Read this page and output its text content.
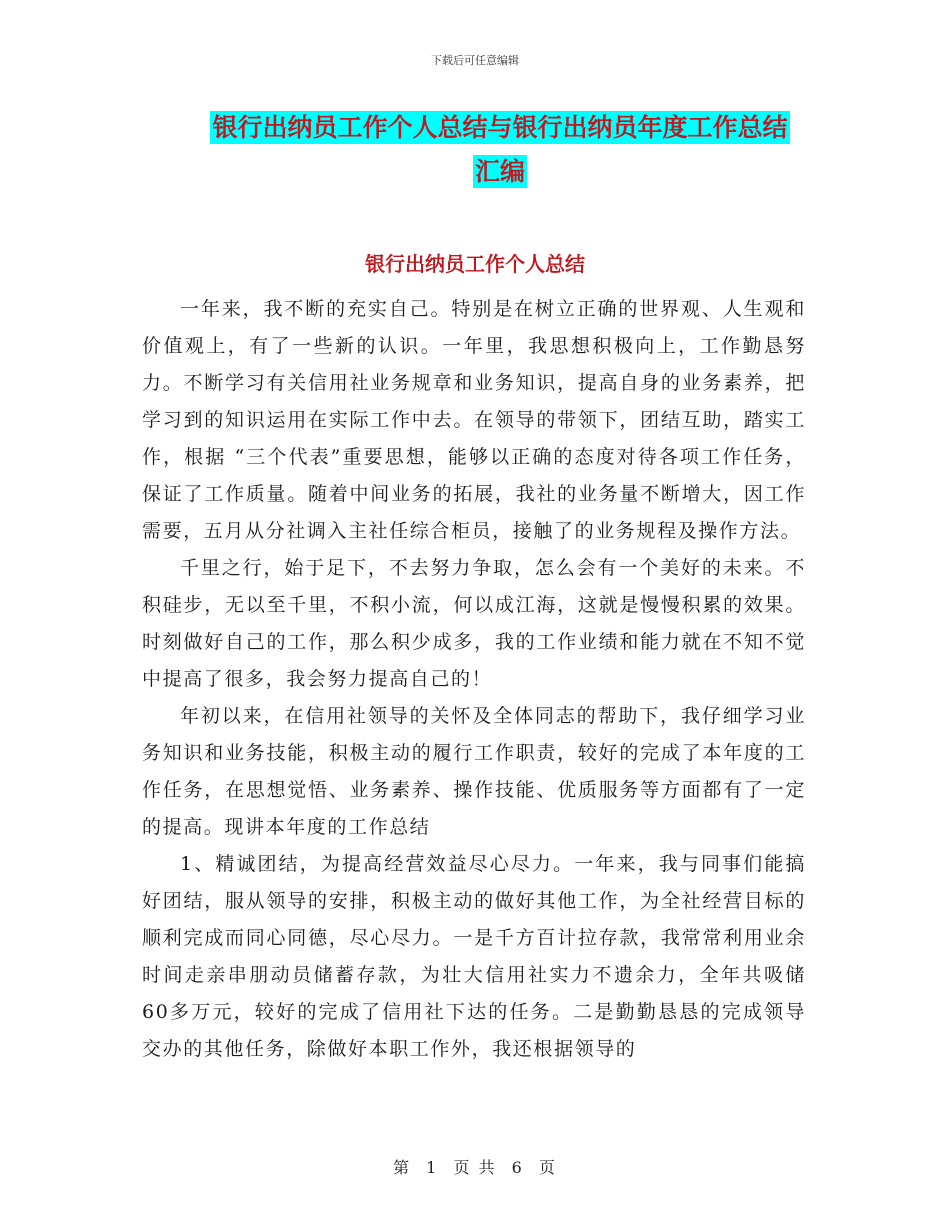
下载后可任意编辑
银行出纳员工作个人总结与银行出纳员年度工作总结
汇编
银行出纳员工作个人总结

一年来，我不断的充实自己。特别是在树立正确的世界观、人生观和价值观上，有了一些新的认识。一年里，我思想积极向上，工作勤恳努力。不断学习有关信用社业务规章和业务知识，提高自身的业务素养，把学习到的知识运用在实际工作中去。在领导的带领下，团结互助，踏实工作，根据 “三个代表”重要思想，能够以正确的态度对待各项工作任务，保证了工作质量。随着中间业务的拓展，我社的业务量不断增大，因工作需要，五月从分社调入主社任综合柜员，接触了的业务规程及操作方法。

千里之行，始于足下，不去努力争取，怎么会有一个美好的未来。不积硅步，无以至千里，不积小流，何以成江海，这就是慢慢积累的效果。时刻做好自己的工作，那么积少成多，我的工作业绩和能力就在不知不觉中提高了很多，我会努力提高自己的！

年初以来，在信用社领导的关怀及全体同志的帮助下，我仔细学习业务知识和业务技能，积极主动的履行工作职责，较好的完成了本年度的工作任务，在思想觉悟、业务素养、操作技能、优质服务等方面都有了一定的提高。现讲本年度的工作总结

1、精诚团结，为提高经营效益尽心尽力。一年来，我与同事们能搞好团结，服从领导的安排，积极主动的做好其他工作，为全社经营目标的顺利完成而同心同德，尽心尽力。一是千方百计拉存款，我常常利用业余时间走亲串朋动员储蓄存款，为壮大信用社实力不遗余力，全年共吸储60多万元，较好的完成了信用社下达的任务。二是勤勤恳恳的完成领导交办的其他任务，除做好本职工作外，我还根据领导的

第 1 页 共 6 页
